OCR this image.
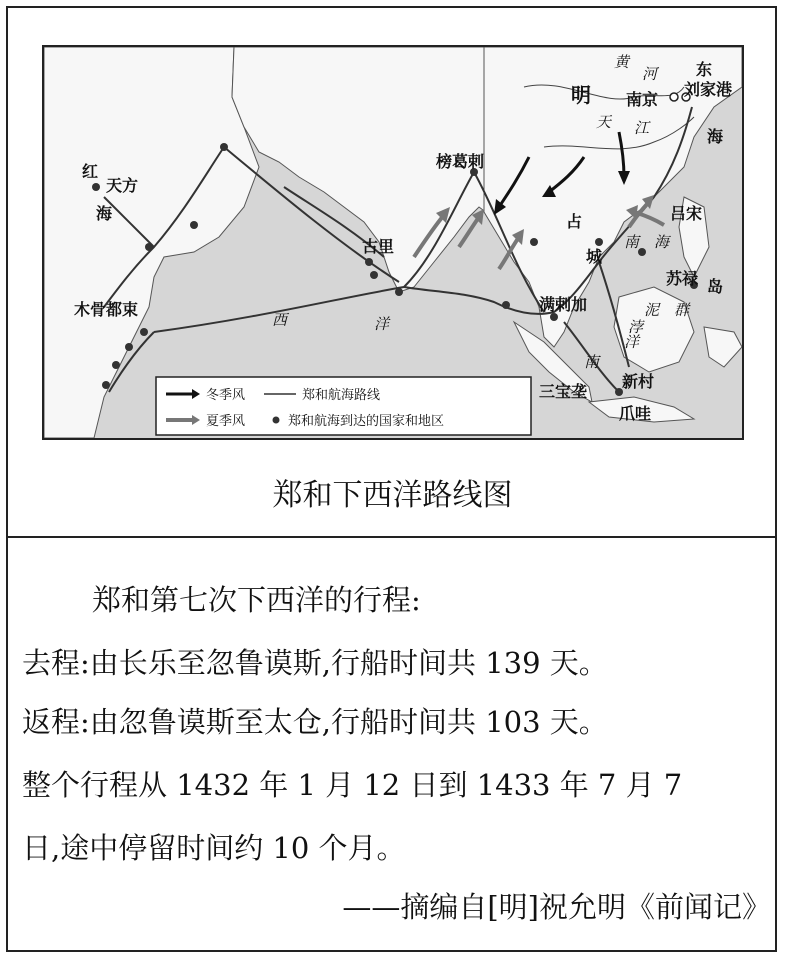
红
海
天方
木骨都束
古里
榜葛剌
西	洋
满剌加
占
城
明
黄
河
南京
东
刘家港
海
天 江
吕宋
南 海
苏禄 岛
浡
泥 群
三宝垄
新村
爪哇
南
洋
冬季风	郑和航海路线
夏季风	郑和航海到达的国家和地区
郑和下西洋路线图
郑和第七次下西洋的行程:
去程:由长乐至忽鲁谟斯,行船时间共 139 天。
返程:由忽鲁谟斯至太仓,行船时间共 103 天。
整个行程从 1432 年 1 月 12 日到 1433 年 7 月 7
日,途中停留时间约 10 个月。
——摘编自[明]祝允明《前闻记》
